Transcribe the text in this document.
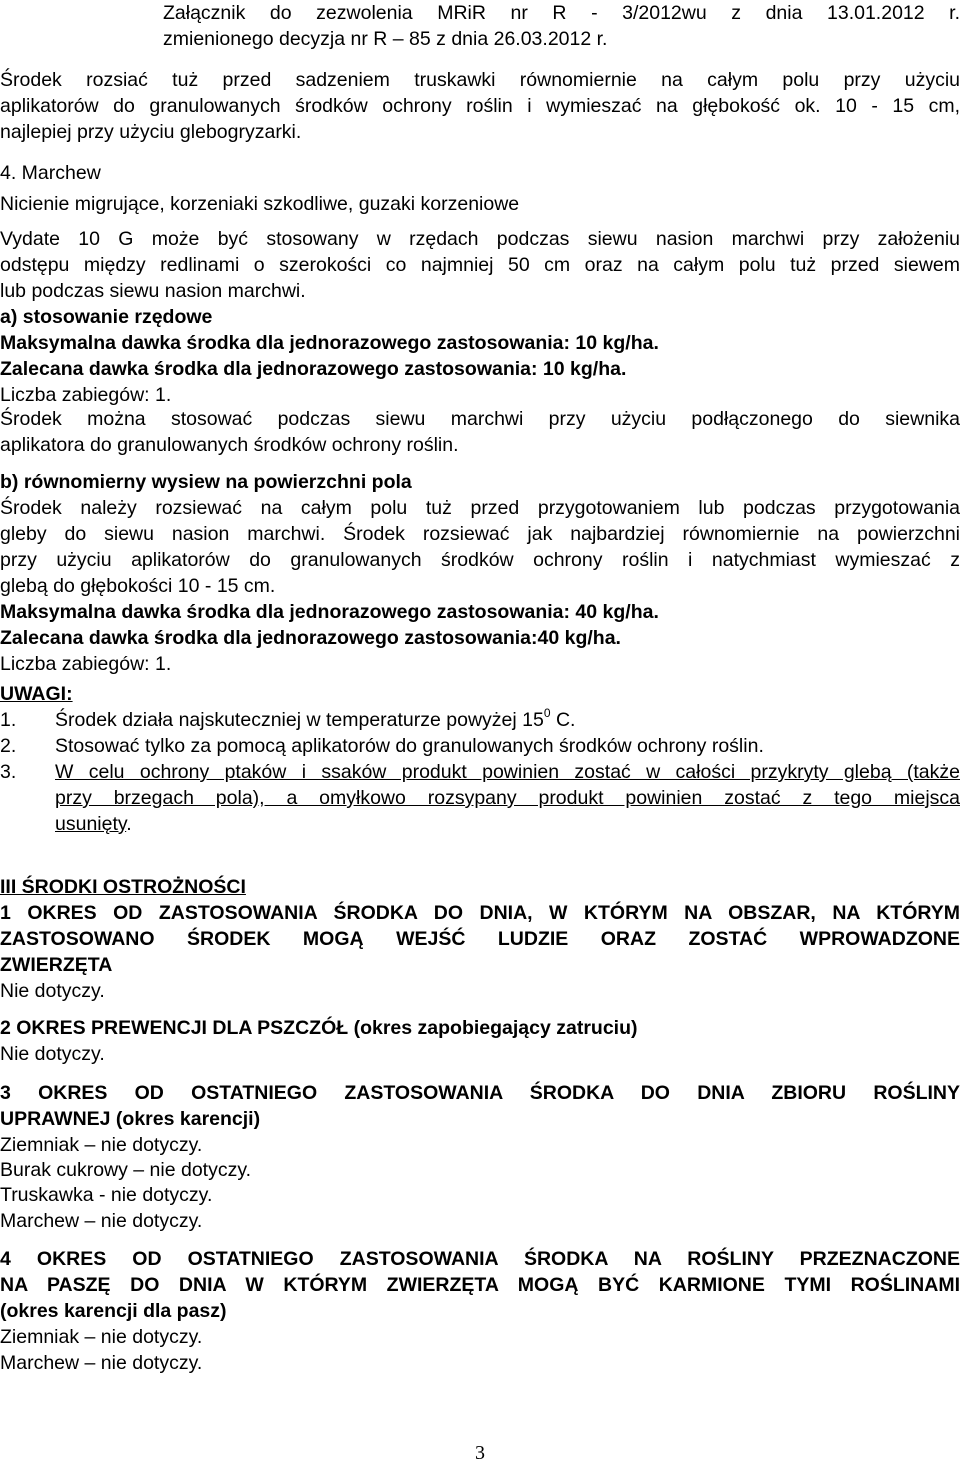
Załącznik do zezwolenia MRiR nr R - 3/2012wu z dnia 13.01.2012 r.

zmienionego decyzja nr R – 85 z dnia 26.03.2012 r.

Środek rozsiać tuż przed sadzeniem truskawki równomiernie na całym polu przy użyciu

aplikatorów do granulowanych środków ochrony roślin i wymieszać na głębokość ok. 10 - 15 cm,

najlepiej przy użyciu glebogryzarki.

4. Marchew

Nicienie migrujące, korzeniaki szkodliwe, guzaki korzeniowe

Vydate 10 G może być stosowany w rzędach podczas siewu nasion marchwi przy założeniu

odstępu między redlinami o szerokości co najmniej 50 cm oraz na całym polu tuż przed siewem

lub podczas siewu nasion marchwi.

a) stosowanie rzędowe

Maksymalna dawka środka dla jednorazowego zastosowania: 10 kg/ha.

Zalecana dawka środka dla jednorazowego zastosowania: 10 kg/ha.

Liczba zabiegów: 1.

Środek można stosować podczas siewu marchwi przy użyciu podłączonego do siewnika

aplikatora do granulowanych środków ochrony roślin.

b) równomierny wysiew na powierzchni pola

Środek należy rozsiewać na całym polu tuż przed przygotowaniem lub podczas przygotowania

gleby do siewu nasion marchwi. Środek rozsiewać jak najbardziej równomiernie na powierzchni

przy użyciu aplikatorów do granulowanych środków ochrony roślin i natychmiast wymieszać z

glebą do głębokości 10 - 15 cm.

Maksymalna dawka środka dla jednorazowego zastosowania: 40 kg/ha.

Zalecana dawka środka dla jednorazowego zastosowania:40 kg/ha.

Liczba zabiegów: 1.

UWAGI:

1. Środek działa najskuteczniej w temperaturze powyżej $15^0$ C.
2. Stosować tylko za pomocą aplikatorów do granulowanych środków ochrony roślin.
3. W celu ochrony ptaków i ssaków produkt powinien zostać w całości przykryty glebą (także

przy brzegach pola), a omyłkowo rozsypany produkt powinien zostać z tego miejsca

usunięty.

III ŚRODKI OSTROŻNOŚCI

1 OKRES OD ZASTOSOWANIA ŚRODKA DO DNIA, W KTÓRYM NA OBSZAR, NA KTÓRYM

ZASTOSOWANO ŚRODEK MOGĄ WEJŚĆ LUDZIE ORAZ ZOSTAĆ WPROWADZONE

ZWIERZĘTA

Nie dotyczy.

2 OKRES PREWENCJI DLA PSZCZÓŁ (okres zapobiegający zatruciu)

Nie dotyczy.

3 OKRES OD OSTATNIEGO ZASTOSOWANIA ŚRODKA DO DNIA ZBIORU ROŚLINY

UPRAWNEJ (okres karencji)

Ziemniak – nie dotyczy.

Burak cukrowy – nie dotyczy.

Truskawka - nie dotyczy.

Marchew – nie dotyczy.

4 OKRES OD OSTATNIEGO ZASTOSOWANIA ŚRODKA NA ROŚLINY PRZEZNACZONE

NA PASZĘ DO DNIA W KTÓRYM ZWIERZĘTA MOGĄ BYĆ KARMIONE TYMI ROŚLINAMI

(okres karencji dla pasz)

Ziemniak – nie dotyczy.

Marchew – nie dotyczy.

3
